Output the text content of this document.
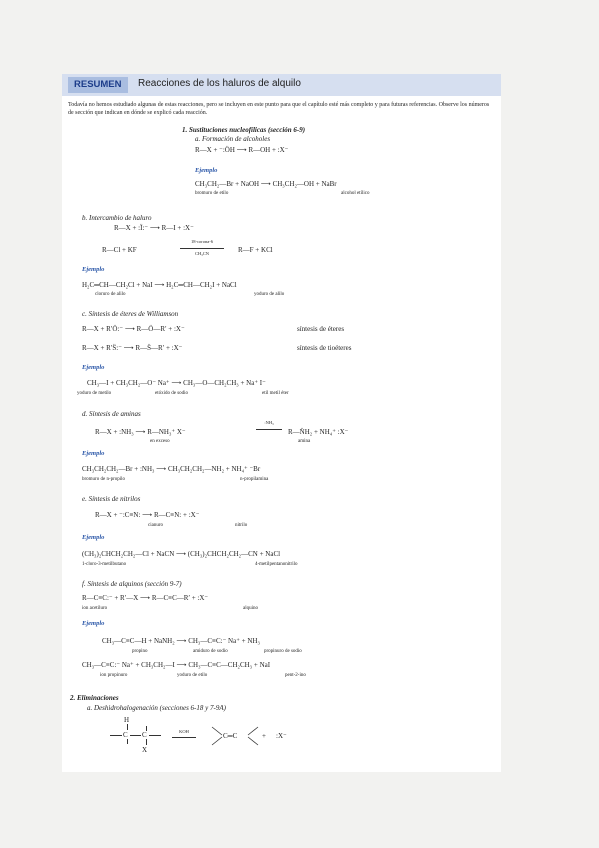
RESUMEN	Reacciones de los haluros de alquilo
Todavía no hemos estudiado algunas de estas reacciones, pero se incluyen en este punto para que el capítulo esté más completo y para futuras referencias. Observe los números de sección que indican en dónde se explicó cada reacción.
1. Sustituciones nucleofílicas (sección 6-9)
a. Formación de alcoholes
R—X + ⁻:ÖH ⟶ R—OH + :X⁻
Ejemplo
CH₃CH₂—Br + NaOH ⟶ CH₃CH₂—OH + NaBr
bromuro de etilo	alcohol etílico
b. Intercambio de haluro
R—X + :Ï:⁻ ⟶ R—I + :X⁻
R—Cl + KF
18-corona-6
CH₃CN	R—F + KCl
Ejemplo
H₂C═CH—CH₂Cl + NaI ⟶ H₂C═CH—CH₂I + NaCl
cloruro de alilo	yoduro de alilo
c. Síntesis de éteres de Williamson
R—X + R′Ö:⁻ ⟶ R—Ö—R′ + :X⁻	síntesis de éteres
R—X + R′S̈:⁻ ⟶ R—S̈—R′ + :X⁻	síntesis de tioéteres
Ejemplo
CH₃—I + CH₃CH₂—O⁻ Na⁺ ⟶ CH₃—O—CH₂CH₃ + Na⁺ I⁻
yoduro de metilo	etóxido de sodio	etil metil éter
d. Síntesis de aminas
R—X + :NH₃ ⟶ R—NH₃⁺ X⁻
:NH₃
R—N̈H₂ + NH₄⁺ :X⁻
en exceso	amina
Ejemplo
CH₃CH₂CH₂—Br + :NH₃ ⟶ CH₃CH₂CH₂—NH₂ + NH₄⁺ ⁻Br
bromuro de n-propilo	n-propilamina
e. Síntesis de nitrilos
R—X + ⁻:C≡N: ⟶ R—C≡N: + :X⁻
cianuro	nitrilo
Ejemplo
(CH₃)₂CHCH₂CH₂—Cl + NaCN ⟶ (CH₃)₂CHCH₂CH₂—CN + NaCl
1-cloro-3-metilbutano	4-metilpentanonitrilo
f. Síntesis de alquinos (sección 9-7)
R—C≡C:⁻ + R′—X ⟶ R—C≡C—R′ + :X⁻
ion acetiluro	alquino
Ejemplo
CH₃—C≡C—H + NaNH₂ ⟶ CH₃—C≡C:⁻ Na⁺ + NH₃
propino	amiduro de sodio	propinuro de sodio
CH₃—C≡C:⁻ Na⁺ + CH₃CH₂—I ⟶ CH₃—C≡C—CH₂CH₃ + NaI
ion propinuro	yoduro de etilo	pent-2-ino
2. Eliminaciones
a. Deshidrohalogenación (secciones 6-18 y 7-9A)
H
C C
X
KOH
C═C	+ :X⁻
